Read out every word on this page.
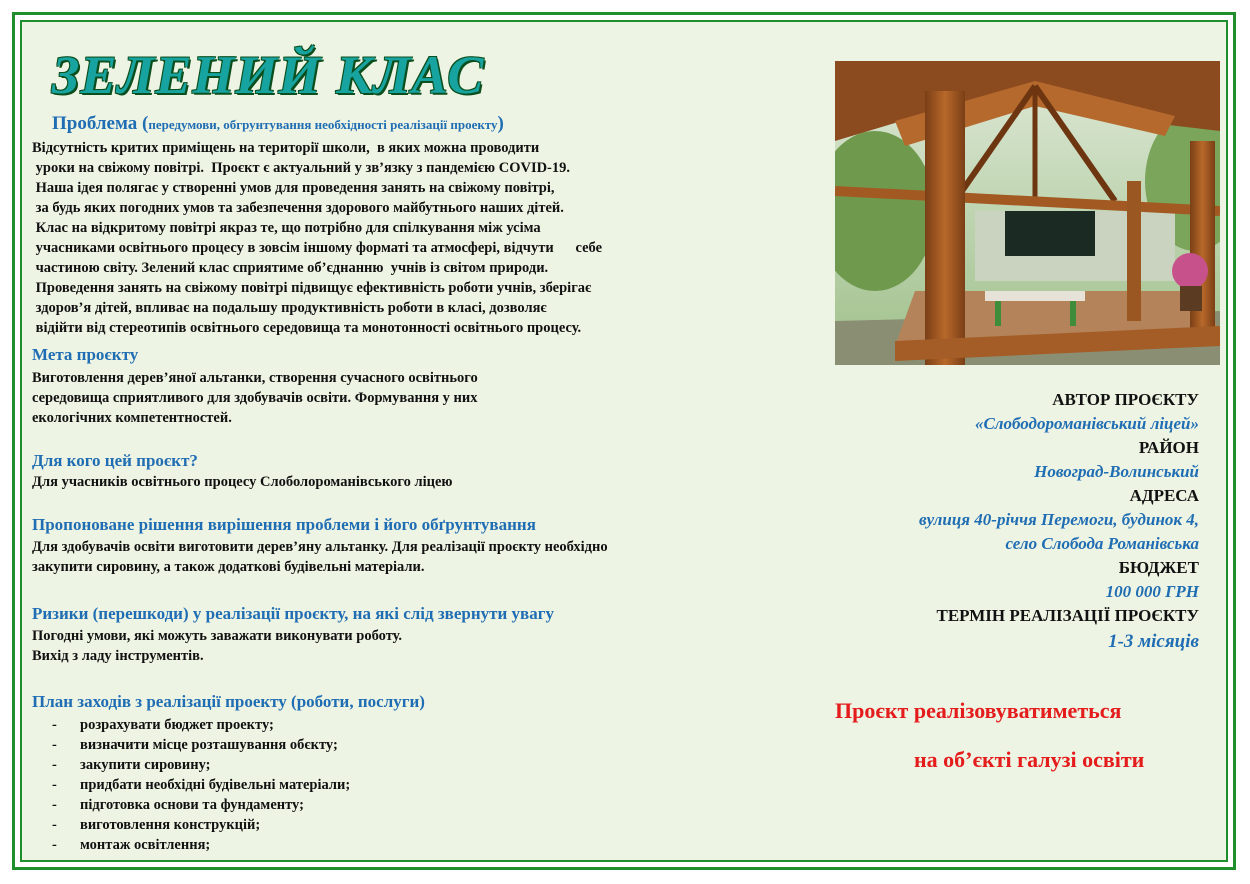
ЗЕЛЕНИЙ КЛАС
Проблема (передумови, обгрунтування необхідності реалізації проекту)
Відсутність критих приміщень на території школи,  в яких можна проводити
уроки на свіжому повітрі.  Проєкт є актуальний у зв’язку з пандемією COVID-19.
Наша ідея полягає у створенні умов для проведення занять на свіжому повітрі,
за будь яких погодних умов та забезпечення здорового майбутнього наших дітей.
Клас на відкритому повітрі якраз те, що потрібно для спілкування між усіма
учасниками освітнього процесу в зовсім іншому форматі та атмосфері, відчути      себе
частиною світу. Зелений клас сприятиме об’єднанню  учнів із світом природи.
Проведення занять на свіжому повітрі підвищує ефективність роботи учнів, зберігає
здоров’я дітей, впливає на подальшу продуктивність роботи в класі, дозволяє
відійти від стереотипів освітнього середовища та монотонності освітнього процесу.
Мета проєкту
Виготовлення дерев’яної альтанки, створення сучасного освітнього
середовища сприятливого для здобувачів освіти. Формування у них
екологічних компетентностей.
Для кого цей проєкт?
Для учасників освітнього процесу Слоболороманівського ліцею
Пропоноване рішення вирішення проблеми і його обґрунтування
Для здобувачів освіти виготовити дерев’яну альтанку. Для реалізації проєкту необхідно
закупити сировину, а також додаткові будівельні матеріали.
Ризики (перешкоди) у реалізації проєкту, на які слід звернути увагу
Погодні умови, які можуть заважати виконувати роботу.
Вихід з ладу інструментів.
План заходів з реалізації проекту (роботи, послуги)
- розрахувати бюджет проекту;
- визначити місце розташування обєкту;
- закупити сировину;
- придбати необхідні будівельні матеріали;
- підготовка основи та фундаменту;
- виготовлення конструкцій;
- монтаж освітлення;
АВТОР ПРОЄКТУ
«Слободороманівський ліцей»
РАЙОН
Новоград-Волинський
АДРЕСА
вулиця 40-річчя Перемоги, будинок 4,
село Слобода Романівська
БЮДЖЕТ
100 000 ГРН
ТЕРМІН РЕАЛІЗАЦІЇ ПРОЄКТУ
1-3 місяців
Проєкт реалізовуватиметься
на об’єкті галузі освіти
